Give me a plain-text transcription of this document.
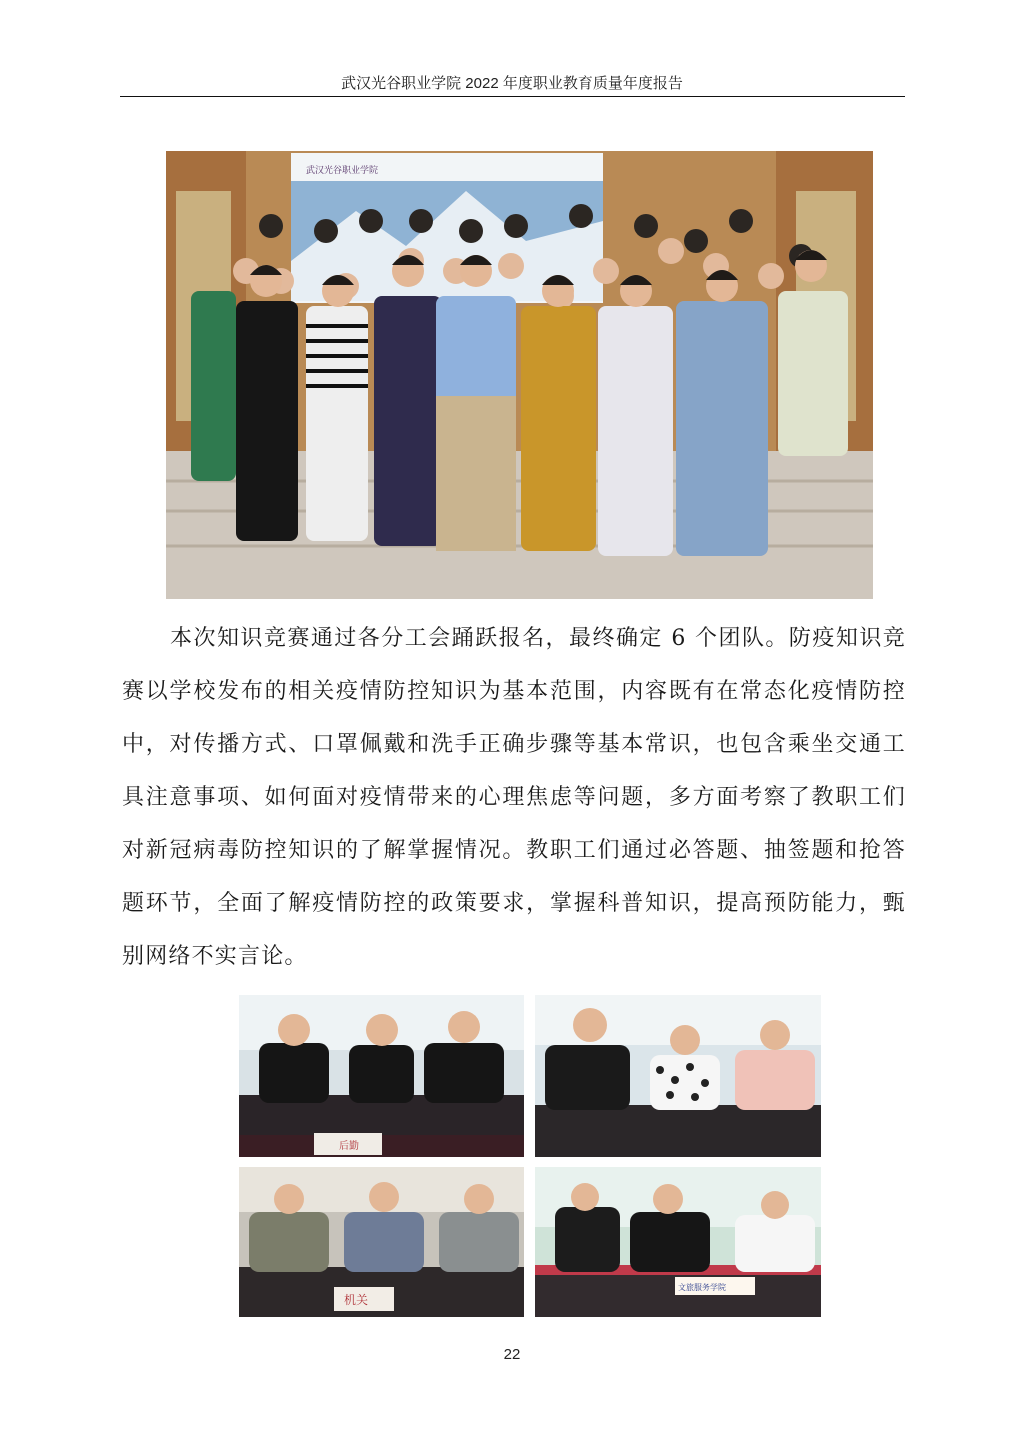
武汉光谷职业学院 2022 年度职业教育质量年度报告
武汉光谷职业学院

本次知识竞赛通过各分工会踊跃报名，最终确定 6 个团队。防疫知识竞赛以学校发布的相关疫情防控知识为基本范围，内容既有在常态化疫情防控中，对传播方式、口罩佩戴和洗手正确步骤等基本常识，也包含乘坐交通工具注意事项、如何面对疫情带来的心理焦虑等问题，多方面考察了教职工们对新冠病毒防控知识的了解掌握情况。教职工们通过必答题、抽签题和抢答题环节，全面了解疫情防控的政策要求，掌握科普知识，提高预防能力，甄别网络不实言论。

后勤
机关
文旅服务学院
22
